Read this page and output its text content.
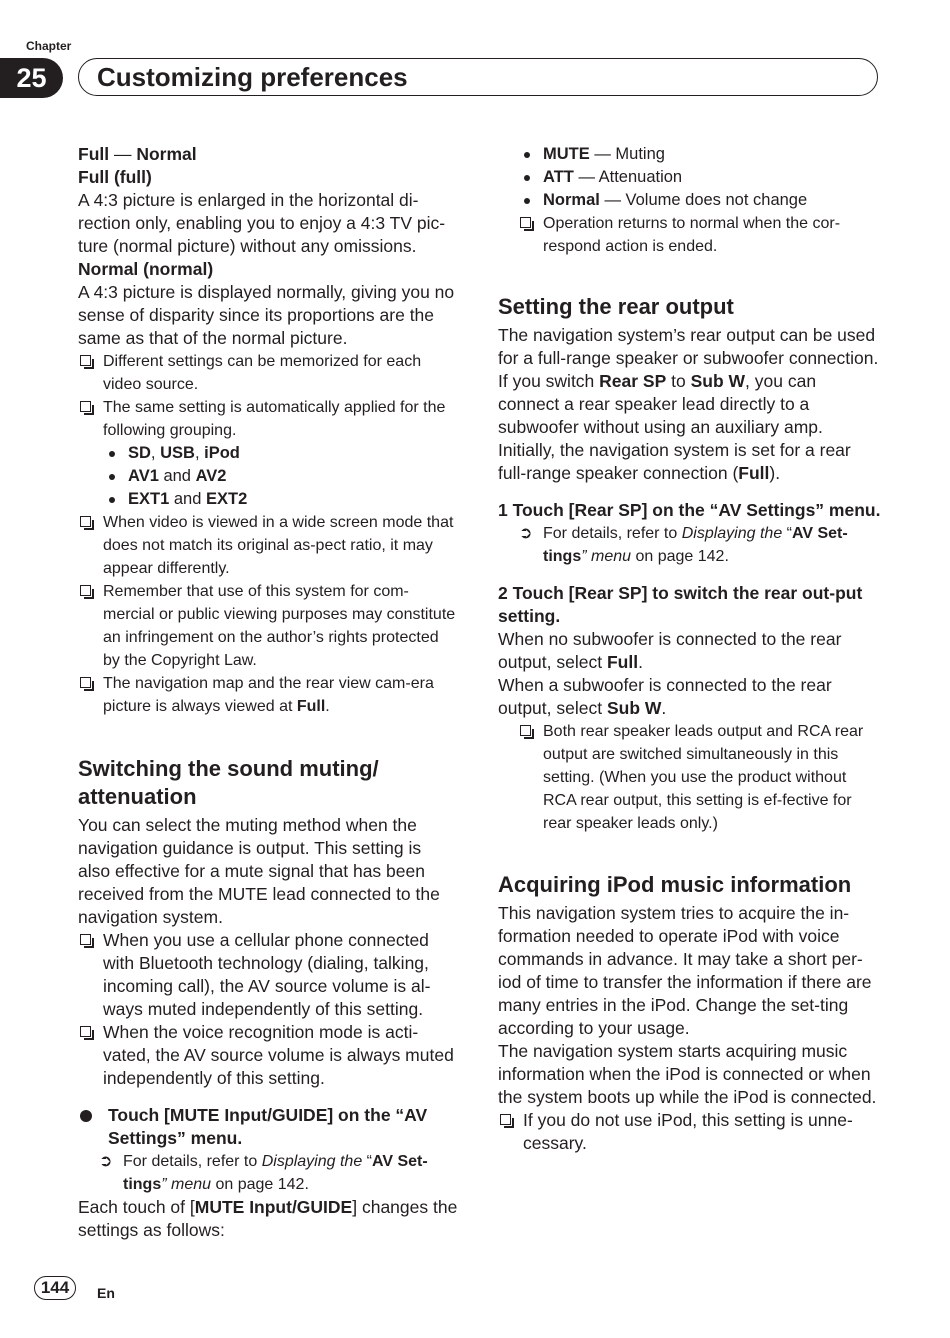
Chapter
25	Customizing preferences

Full — Normal

Full (full)

A 4:3 picture is enlarged in the horizontal di-rection only, enabling you to enjoy a 4:3 TV pic-ture (normal picture) without any omissions.

Normal (normal)

A 4:3 picture is displayed normally, giving you no sense of disparity since its proportions are the same as that of the normal picture.

Different settings can be memorized for each video source.
The same setting is automatically applied for the following grouping.
SD, USB, iPod
AV1 and AV2
EXT1 and EXT2
When video is viewed in a wide screen mode that does not match its original as-pect ratio, it may appear differently.
Remember that use of this system for com-mercial or public viewing purposes may constitute an infringement on the author’s rights protected by the Copyright Law.
The navigation map and the rear view cam-era picture is always viewed at Full.
Switching the sound muting/ attenuation

You can select the muting method when the navigation guidance is output. This setting is also effective for a mute signal that has been received from the MUTE lead connected to the navigation system.

When you use a cellular phone connected with Bluetooth technology (dialing, talking, incoming call), the AV source volume is al-ways muted independently of this setting.
When the voice recognition mode is acti-vated, the AV source volume is always muted independently of this setting.
Touch [MUTE Input/GUIDE] on the “AV Settings” menu.
➲ For details, refer to Displaying the “AV Set-tings” menu on page 142.

Each touch of [MUTE Input/GUIDE] changes the settings as follows:

MUTE — Muting
ATT — Attenuation
Normal — Volume does not change
Operation returns to normal when the cor-respond action is ended.
Setting the rear output

The navigation system’s rear output can be used for a full-range speaker or subwoofer connection. If you switch Rear SP to Sub W, you can connect a rear speaker lead directly to a subwoofer without using an auxiliary amp. Initially, the navigation system is set for a rear full-range speaker connection (Full).

1 Touch [Rear SP] on the “AV Settings” menu.

➲ For details, refer to Displaying the “AV Set-tings” menu on page 142.

2 Touch [Rear SP] to switch the rear out-put setting.

When no subwoofer is connected to the rear output, select Full.

When a subwoofer is connected to the rear output, select Sub W.

Both rear speaker leads output and RCA rear output are switched simultaneously in this setting. (When you use the product without RCA rear output, this setting is ef-fective for rear speaker leads only.)
Acquiring iPod music information

This navigation system tries to acquire the in-formation needed to operate iPod with voice commands in advance. It may take a short per-iod of time to transfer the information if there are many entries in the iPod. Change the set-ting according to your usage.

The navigation system starts acquiring music information when the iPod is connected or when the system boots up while the iPod is connected.

If you do not use iPod, this setting is unne-cessary.
144	En
